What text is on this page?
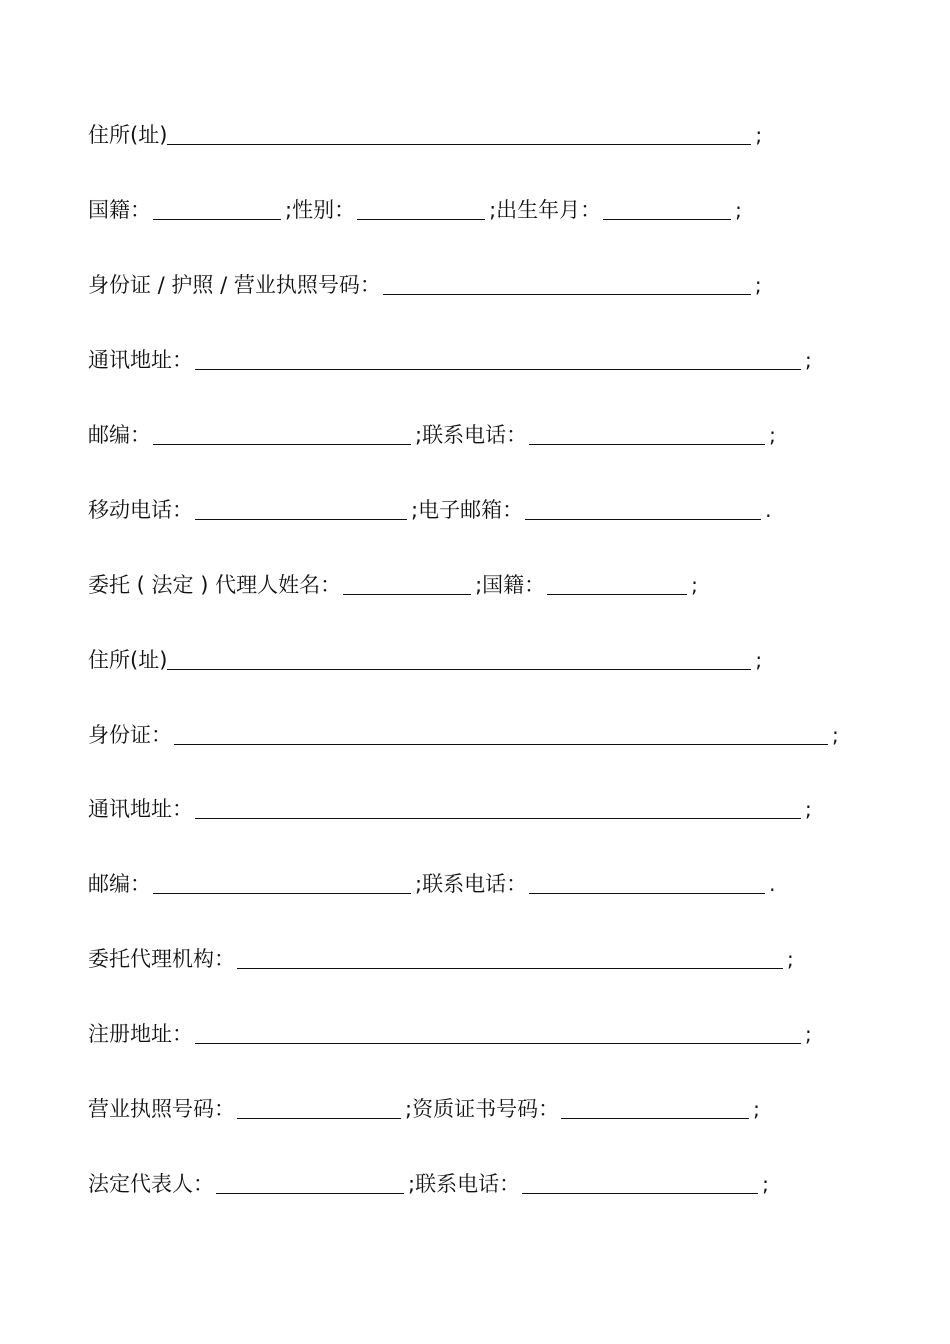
住所(址)	;
国籍：	;性别：	;出生年月：	;
身份证 / 护照 / 营业执照号码：	;
通讯地址：	;
邮编：	;联系电话：	;
移动电话：	;电子邮箱：	.
委托 ( 法定 ) 代理人姓名：	;国籍：	;
住所(址)	;
身份证：	;
通讯地址：	;
邮编：	;联系电话：	.
委托代理机构：	;
注册地址：	;
营业执照号码：	;资质证书号码：	;
法定代表人：	;联系电话：	;
